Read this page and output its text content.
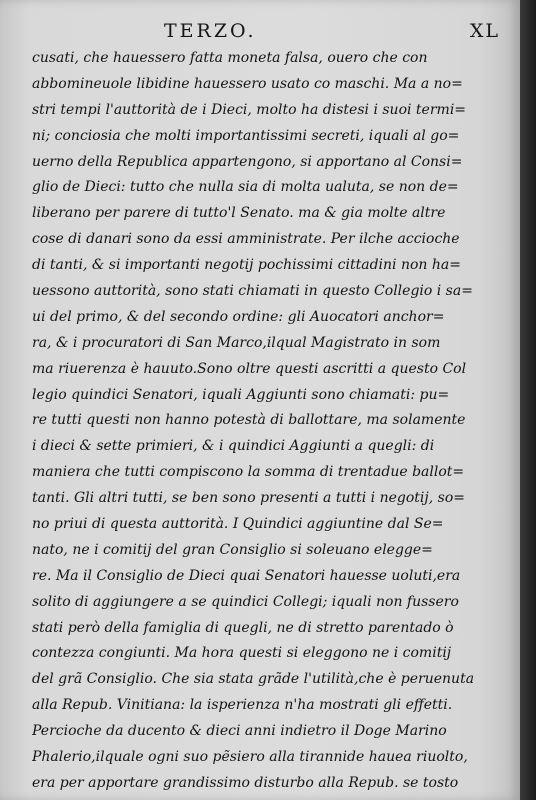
TERZO.	XL
cusati, che hauessero fatta moneta falsa, ouero che con
abbomineuole libidine hauessero usato co maschi. Ma a no=
stri tempi l'auttorità de i Dieci, molto ha distesi i suoi termi=
ni; conciosia che molti importantissimi secreti, iquali al go=
uerno della Republica appartengono, si apportano al Consi=
glio de Dieci: tutto che nulla sia di molta ualuta, se non de=
liberano per parere di tutto'l Senato. ma & gia molte altre
cose di danari sono da essi amministrate. Per ilche accioche
di tanti, & si importanti negotij pochissimi cittadini non ha=
uessono auttorità, sono stati chiamati in questo Collegio i sa=
ui del primo, & del secondo ordine: gli Auocatori anchor=
ra, & i procuratori di San Marco,ilqual Magistrato in som
ma riuerenza è hauuto.Sono oltre questi ascritti a questo Col
legio quindici Senatori, iquali Aggiunti sono chiamati: pu=
re tutti questi non hanno potestà di ballottare, ma solamente
i dieci & sette primieri, & i quindici Aggiunti a quegli: di
maniera che tutti compiscono la somma di trentadue ballot=
tanti. Gli altri tutti, se ben sono presenti a tutti i negotij, so=
no priui di questa auttorità. I Quindici aggiuntine dal Se=
nato, ne i comitij del gran Consiglio si soleuano elegge=
re. Ma il Consiglio de Dieci quai Senatori hauesse uoluti,era
solito di aggiungere a se quindici Collegi; iquali non fussero
stati però della famiglia di quegli, ne di stretto parentado ò
contezza congiunti. Ma hora questi si eleggono ne i comitij
del grã Consiglio. Che sia stata grãde l'utilità,che è peruenuta
alla Repub. Vinitiana: la isperienza n'ha mostrati gli effetti.
Percioche da ducento & dieci anni indietro il Doge Marino
Phalerio,ilquale ogni suo pẽsiero alla tirannide hauea riuolto,
era per apportare grandissimo disturbo alla Repub. se tosto
